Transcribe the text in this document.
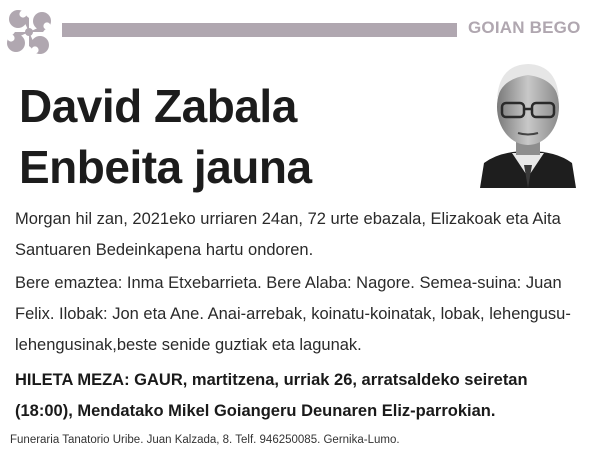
GOIAN BEGO
David Zabala
Enbeita jauna
Morgan hil zan, 2021eko urriaren 24an, 72 urte ebazala, Elizakoak eta Aita Santuaren Bedeinkapena hartu ondoren.
Bere emaztea: Inma Etxebarrieta. Bere Alaba: Nagore. Semea-suina: Juan Felix. Ilobak: Jon eta Ane. Anai-arrebak, koinatu-koinatak, lobak, lehengusu-lehengusinak,beste senide guztiak eta lagunak.
HILETA MEZA: GAUR, martitzena, urriak 26, arratsaldeko seiretan (18:00), Mendatako Mikel Goiangeru Deunaren Eliz-parrokian.
Funeraria Tanatorio Uribe. Juan Kalzada, 8. Telf. 946250085. Gernika-Lumo.
